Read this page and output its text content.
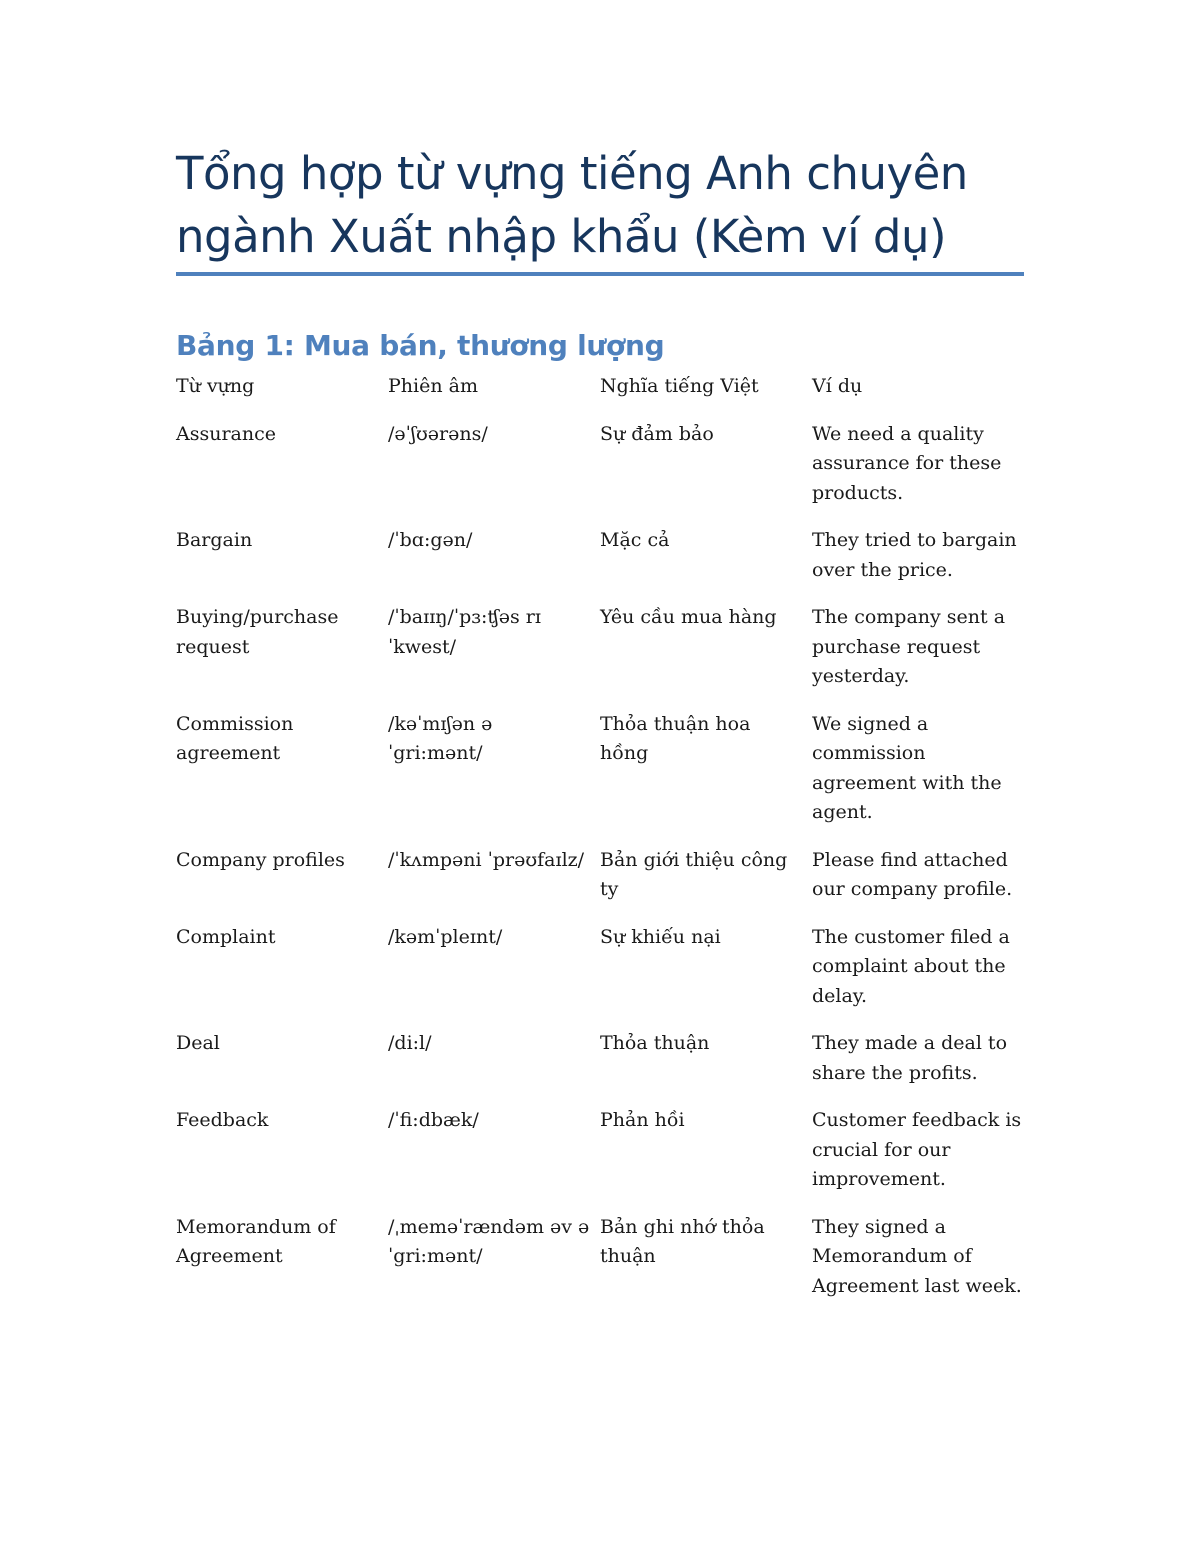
Tổng hợp từ vựng tiếng Anh chuyên ngành Xuất nhập khẩu (Kèm ví dụ)
Bảng 1: Mua bán, thương lượng
Từ vựng	Phiên âm	Nghĩa tiếng Việt	Ví dụ
Assurance	/əˈʃʊərəns/	Sự đảm bảo	We need a quality assurance for these products.
Bargain	/ˈbɑ:gən/	Mặc cả	They tried to bargain over the price.
Buying/purchase request	/ˈbaɪɪŋ/ˈpɜ:ʧəs rɪ ˈkwest/	Yêu cầu mua hàng	The company sent a purchase request yesterday.
Commission agreement	/kəˈmɪʃən ə ˈgri:mənt/	Thỏa thuận hoa hồng	We signed a commission agreement with the agent.
Company profiles	/ˈkʌmpəni ˈprəʊfaɪlz/	Bản giới thiệu công ty	Please find attached our company profile.
Complaint	/kəmˈpleɪnt/	Sự khiếu nại	The customer filed a complaint about the delay.
Deal	/di:l/	Thỏa thuận	They made a deal to share the profits.
Feedback	/ˈfi:dbæk/	Phản hồi	Customer feedback is crucial for our improvement.
Memorandum of Agreement	/ˌmeməˈrændəm əv əˈgri:mənt/	Bản ghi nhớ thỏa thuận	They signed a Memorandum of Agreement last week.
